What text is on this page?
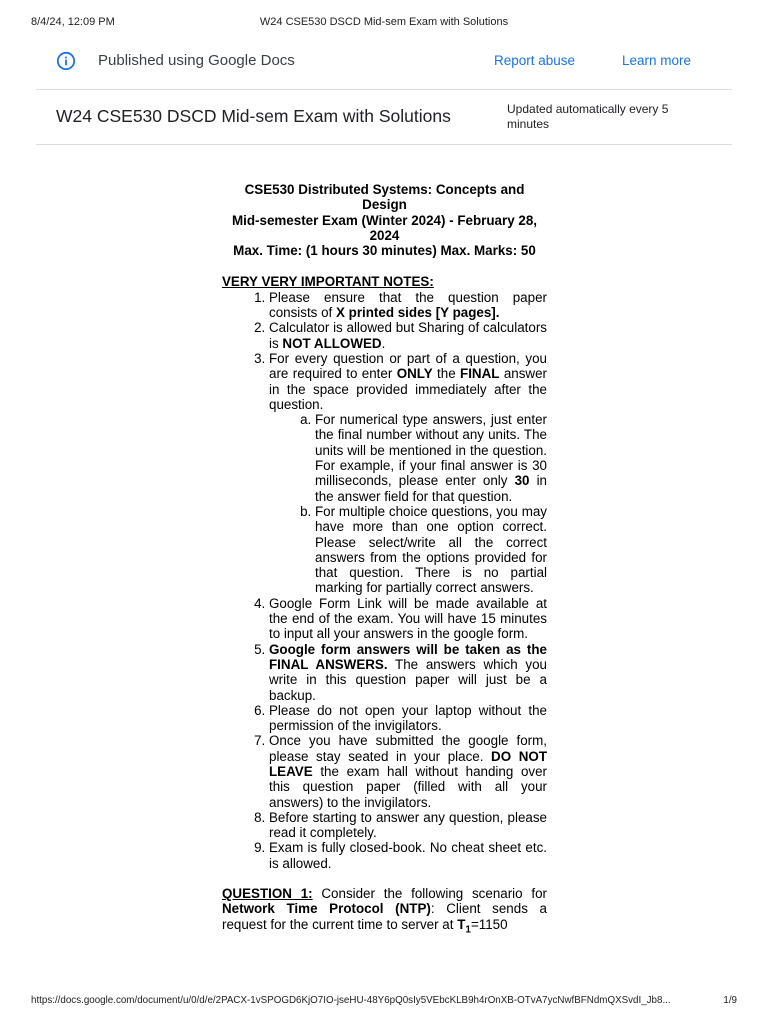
8/4/24, 12:09 PM	W24 CSE530 DSCD Mid-sem Exam with Solutions
Published using Google Docs	Report abuse	Learn more
W24 CSE530 DSCD Mid-sem Exam with Solutions	Updated automatically every 5 minutes
CSE530 Distributed Systems: Concepts and Design
Mid-semester Exam (Winter 2024) - February 28, 2024
Max. Time: (1 hours 30 minutes) Max. Marks: 50
VERY VERY IMPORTANT NOTES:
1. Please ensure that the question paper consists of X printed sides [Y pages].
2. Calculator is allowed but Sharing of calculators is NOT ALLOWED.
3. For every question or part of a question, you are required to enter ONLY the FINAL answer in the space provided immediately after the question.
a. For numerical type answers, just enter the final number without any units. The units will be mentioned in the question. For example, if your final answer is 30 milliseconds, please enter only 30 in the answer field for that question.
b. For multiple choice questions, you may have more than one option correct. Please select/write all the correct answers from the options provided for that question. There is no partial marking for partially correct answers.
4. Google Form Link will be made available at the end of the exam. You will have 15 minutes to input all your answers in the google form.
5. Google form answers will be taken as the FINAL ANSWERS. The answers which you write in this question paper will just be a backup.
6. Please do not open your laptop without the permission of the invigilators.
7. Once you have submitted the google form, please stay seated in your place. DO NOT LEAVE the exam hall without handing over this question paper (filled with all your answers) to the invigilators.
8. Before starting to answer any question, please read it completely.
9. Exam is fully closed-book. No cheat sheet etc. is allowed.
QUESTION 1: Consider the following scenario for Network Time Protocol (NTP): Client sends a request for the current time to server at $T_1=1150$
https://docs.google.com/document/u/0/d/e/2PACX-1vSPOGD6KjO7IO-jseHU-48Y6pQ0sIy5VEbcKLB9h4rOnXB-OTvA7ycNwfBFNdmQXSvdI_Jb8...	1/9
